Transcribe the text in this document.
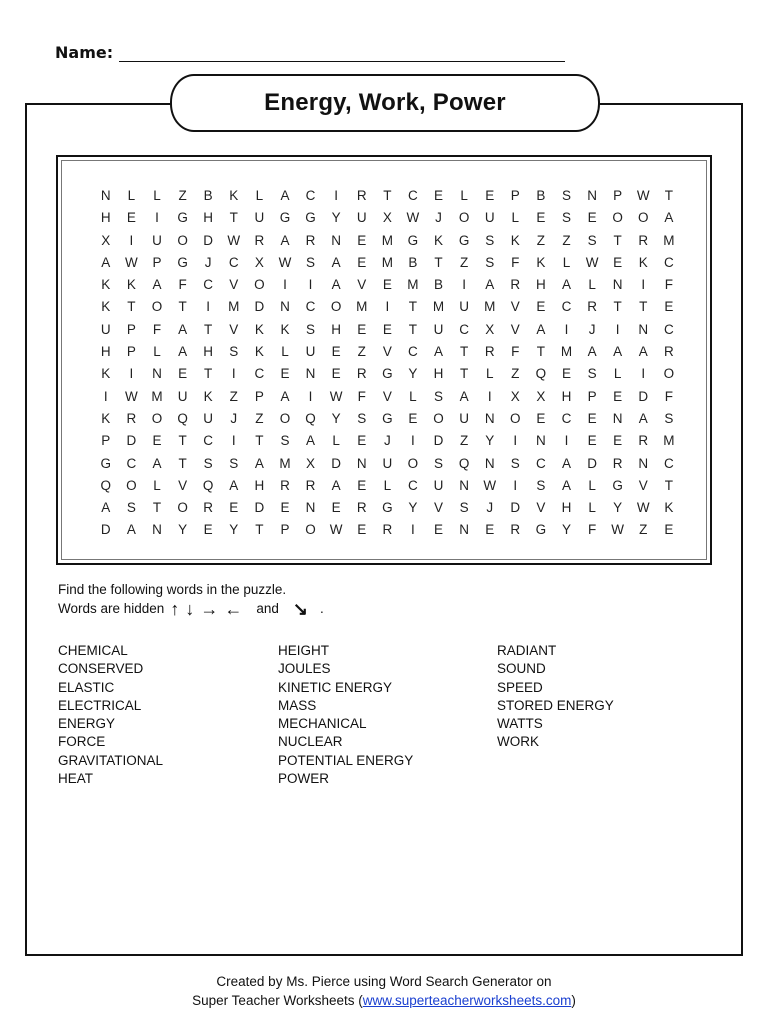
Name:
Energy, Work, Power
N	L	L	Z	B	K	L	A	C	I	R	T	C	E	L	E	P	B	S	N	P	W	T
H	E	I	G	H	T	U	G	G	Y	U	X	W	J	O	U	L	E	S	E	O	O	A
X	I	U	O	D	W	R	A	R	N	E	M	G	K	G	S	K	Z	Z	S	T	R	M
A	W	P	G	J	C	X	W	S	A	E	M	B	T	Z	S	F	K	L	W	E	K	C
K	K	A	F	C	V	O	I	I	A	V	E	M	B	I	A	R	H	A	L	N	I	F
K	T	O	T	I	M	D	N	C	O	M	I	T	M	U	M	V	E	C	R	T	T	E
U	P	F	A	T	V	K	K	S	H	E	E	T	U	C	X	V	A	I	J	I	N	C
H	P	L	A	H	S	K	L	U	E	Z	V	C	A	T	R	F	T	M	A	A	A	R
K	I	N	E	T	I	C	E	N	E	R	G	Y	H	T	L	Z	Q	E	S	L	I	O
I	W	M	U	K	Z	P	A	I	W	F	V	L	S	A	I	X	X	H	P	E	D	F
K	R	O	Q	U	J	Z	O	Q	Y	S	G	E	O	U	N	O	E	C	E	N	A	S
P	D	E	T	C	I	T	S	A	L	E	J	I	D	Z	Y	I	N	I	E	E	R	M
G	C	A	T	S	S	A	M	X	D	N	U	O	S	Q	N	S	C	A	D	R	N	C
Q	O	L	V	Q	A	H	R	R	A	E	L	C	U	N	W	I	S	A	L	G	V	T
A	S	T	O	R	E	D	E	N	E	R	G	Y	V	S	J	D	V	H	L	Y	W	K
D	A	N	Y	E	Y	T	P	O	W	E	R	I	E	N	E	R	G	Y	F	W	Z	E
Find the following words in the puzzle.
Words are hidden ↑ ↓ → ← and ↘ .
CHEMICAL
CONSERVED
ELASTIC
ELECTRICAL
ENERGY
FORCE
GRAVITATIONAL
HEAT
HEIGHT
JOULES
KINETIC ENERGY
MASS
MECHANICAL
NUCLEAR
POTENTIAL ENERGY
POWER
RADIANT
SOUND
SPEED
STORED ENERGY
WATTS
WORK
Created by Ms. Pierce using Word Search Generator on
Super Teacher Worksheets (www.superteacherworksheets.com)
